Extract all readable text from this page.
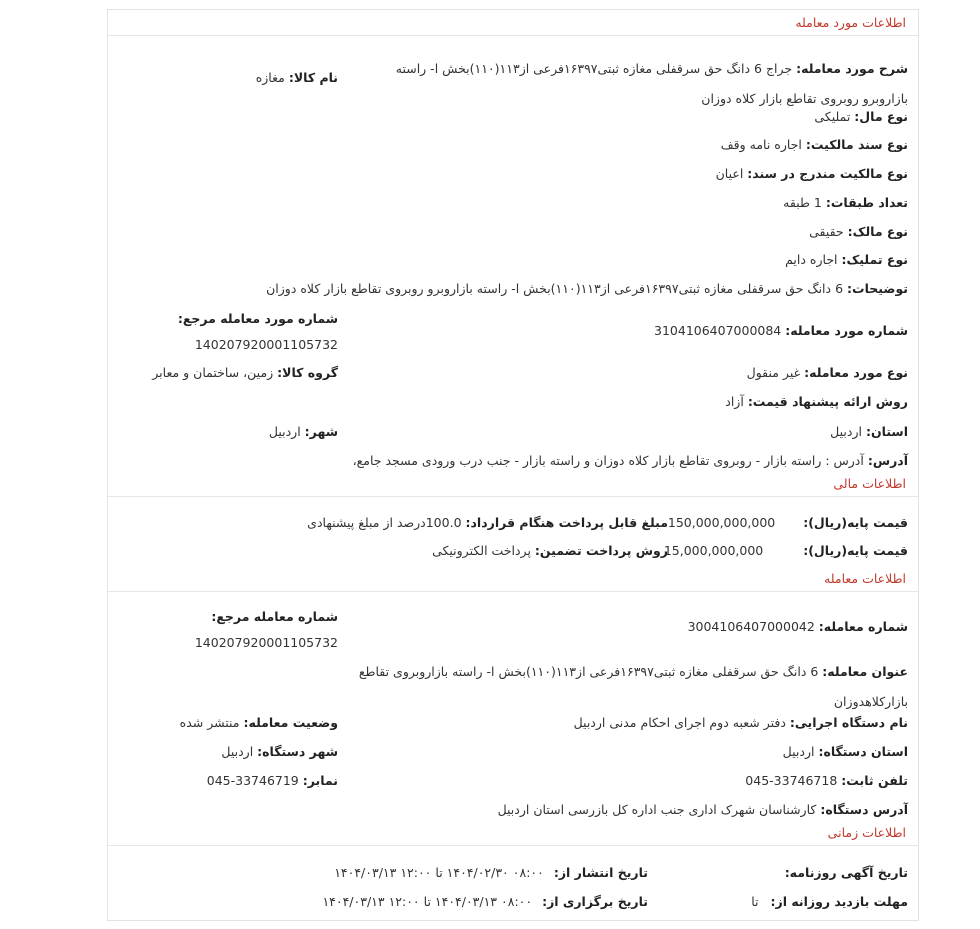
اطلاعات مورد معامله
شرح مورد معامله: جراج 6 دانگ حق سرقفلی مغازه ثبتی۱۶۳۹۷فرعی از۱۱۳(۱۱۰)بخش ا- راسته بازاروبرو روبروی تقاطع بازار کلاه دوزان
نام کالا: مغازه
نوع مال: تملیکی
نوع سند مالکیت: اجاره نامه وقف
نوع مالکیت مندرج در سند: اعیان
تعداد طبقات: 1 طبقه
نوع مالک: حقیقی
نوع تملیک: اجاره دایم
توضیحات: 6 دانگ حق سرقفلی مغازه ثبتی۱۶۳۹۷فرعی از۱۱۳(۱۱۰)بخش ا- راسته بازاروبرو روبروی تقاطع بازار کلاه دوزان
شماره مورد معامله مرجع:
140207920001105732
شماره مورد معامله: 3104106407000084
گروه کالا: زمین، ساختمان و معابر	نوع مورد معامله: غیر منقول
روش ارائه پیشنهاد قیمت: آزاد
شهر: اردبیل	استان: اردبیل
آدرس: آدرس : راسته بازار - روبروی تقاطع بازار کلاه دوزان و راسته بازار - جنب درب ورودی مسجد جامع،
اطلاعات مالی
قیمت پایه(ریال): 150,000,000,000
مبلغ قابل پرداخت هنگام قرارداد: 100.0درصد از مبلغ پیشنهادی
قیمت پایه(ریال): 15,000,000,000
روش پرداخت تضمین: پرداخت الکترونیکی
اطلاعات معامله
شماره معامله مرجع:
140207920001105732
شماره معامله: 3004106407000042
عنوان معامله: 6 دانگ حق سرقفلی مغازه ثبتی۱۶۳۹۷فرعی از۱۱۳(۱۱۰)بخش ا- راسته بازاروبروی تقاطع بازارکلاهدوزان
وضعیت معامله: منتشر شده	نام دستگاه اجرایی: دفتر شعبه دوم اجرای احکام مدنی اردبیل
شهر دستگاه: اردبیل	استان دستگاه: اردبیل
نمابر: 045-33746719	تلفن ثابت: 045-33746718
آدرس دستگاه: کارشناسان شهرک اداری جنب اداره کل بازرسی استان اردبیل
اطلاعات زمانی
تاریخ آگهی روزنامه:
تاریخ انتشار از: ۰۸:۰۰ ۱۴۰۴/۰۲/۳۰ تا ۱۲:۰۰ ۱۴۰۴/۰۳/۱۳
مهلت بازدید روزانه از: تا
تاریخ برگزاری از: ۰۸:۰۰ ۱۴۰۴/۰۳/۱۳ تا ۱۲:۰۰ ۱۴۰۴/۰۳/۱۳
